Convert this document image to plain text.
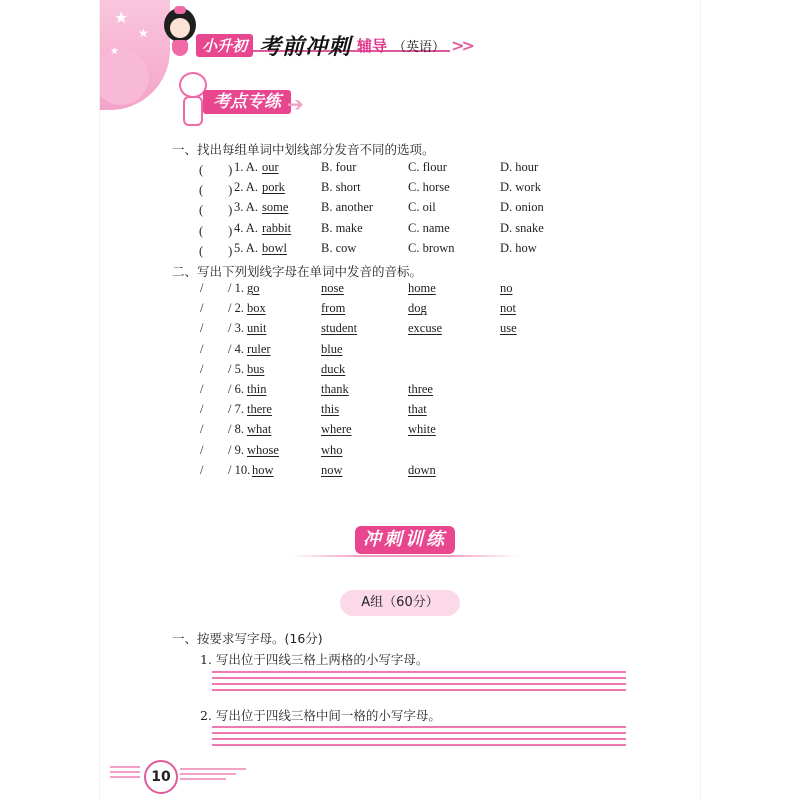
★
★
★	小升初 考前冲刺 辅导 （英语） >>
考点专练 ➔
一、找出每组单词中划线部分发音不同的选项。
(　　) 1. A. our	B. four	C. flour	D. hour
(　　) 2. A. pork	B. short	C. horse	D. work
(　　) 3. A. some	B. another	C. oil	D. onion
(　　) 4. A. rabbit B. make	C. name	D. snake
(　　) 5. A. bowl	B. cow	C. brown	D. how
二、写出下列划线字母在单词中发音的音标。
/ / 1. go	nose	home	no
/ / 2. box	from	dog	not
/ / 3. unit	student	excuse	use
/ / 4. ruler	blue
/ / 5. bus	duck
/ / 6. thin	thank	three
/ / 7. there	this	that
/ / 8. what	where	white
/ / 9. whose	who
/ / 10. how	now	down
冲刺训练
A组（60分）
一、按要求写字母。(16分)
1. 写出位于四线三格上两格的小写字母。
2. 写出位于四线三格中间一格的小写字母。
10
